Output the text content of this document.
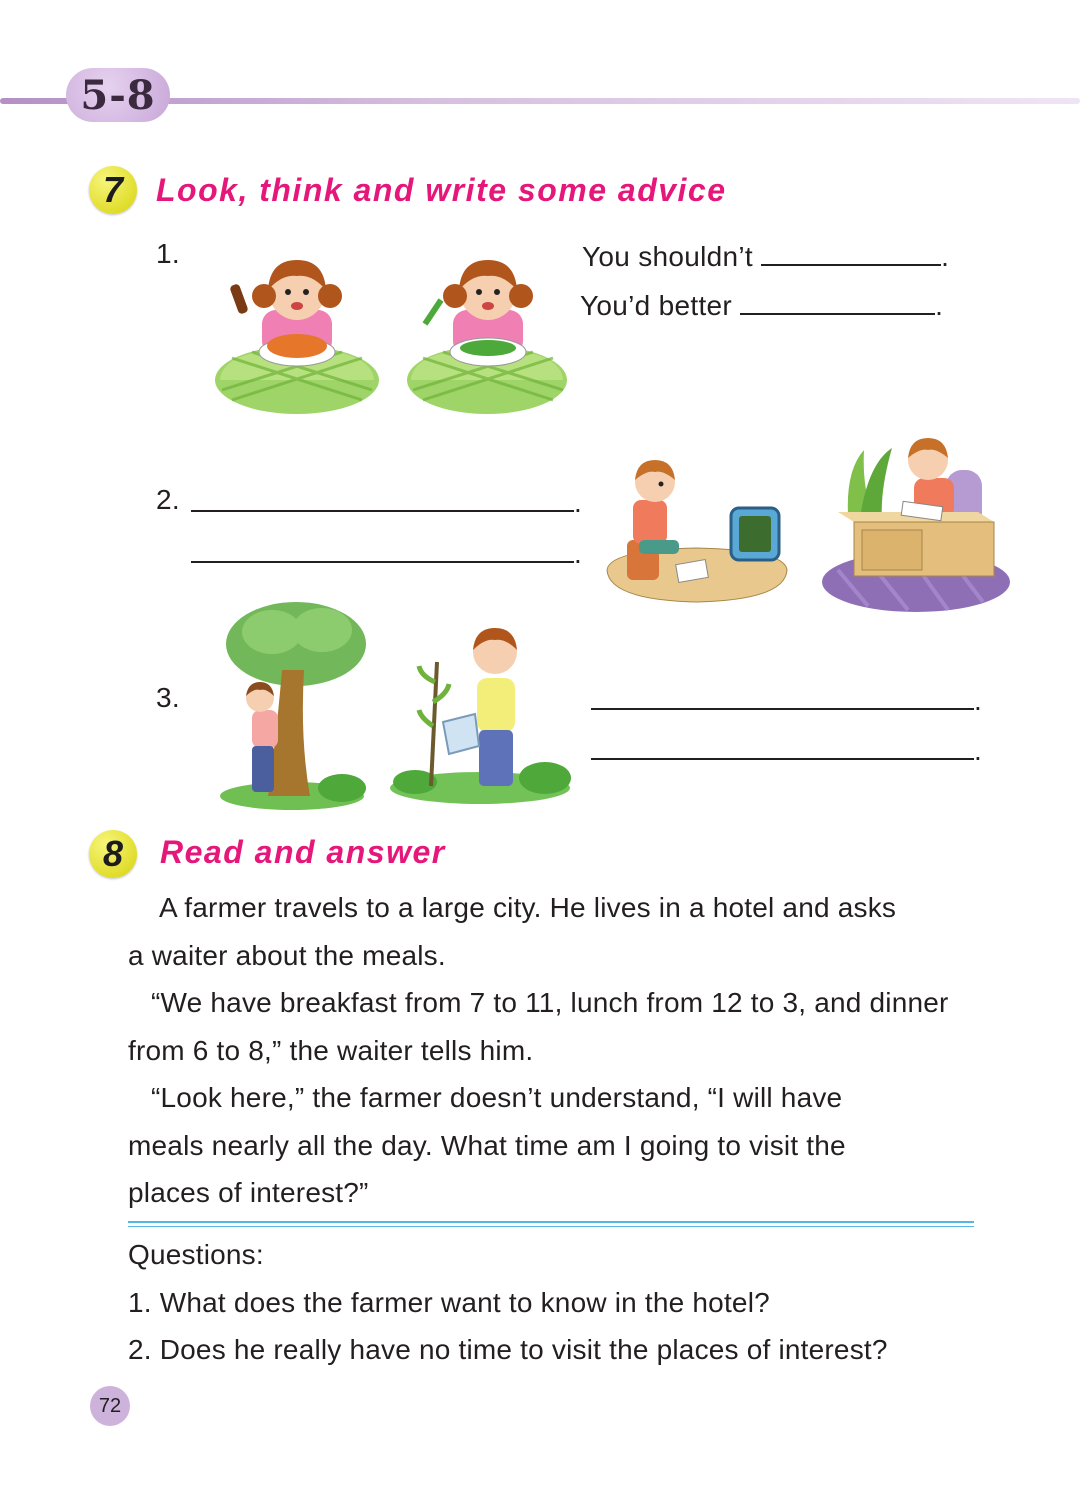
5-8
7 Look, think and write some advice
1.	You shouldn’t	.
You’d better	.
2.	.
.
3.	.
.
8 Read and answer

A farmer travels to a large city. He lives in a hotel and asks

a waiter about the meals.

“We have breakfast from 7 to 11, lunch from 12 to 3, and dinner

from 6 to 8,” the waiter tells him.

“Look here,” the farmer doesn’t understand, “I will have

meals nearly all the day. What time am I going to visit the

places of interest?”

Questions:

1. What does the farmer want to know in the hotel?

2. Does he really have no time to visit the places of interest?

72
